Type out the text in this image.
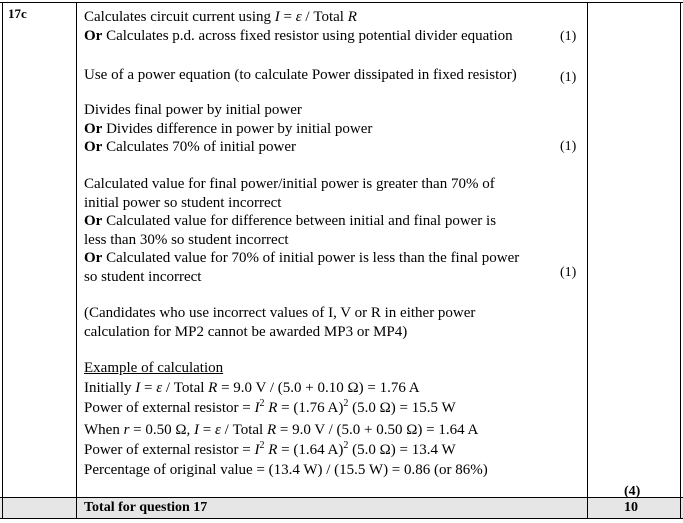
17c	Calculates circuit current using I = ε / Total R
Or Calculates p.d. across fixed resistor using potential divider equation	(1)
Use of a power equation (to calculate Power dissipated in fixed resistor)	(1)
Divides final power by initial power
Or Divides difference in power by initial power
Or Calculates 70% of initial power	(1)
Calculated value for final power/initial power is greater than 70% of
initial power so student incorrect
Or Calculated value for difference between initial and final power is
less than 30% so student incorrect
Or Calculated value for 70% of initial power is less than the final power
so student incorrect	(1)
(Candidates who use incorrect values of I, V or R in either power
calculation for MP2 cannot be awarded MP3 or MP4)
Example of calculation
Initially I = ε / Total R = 9.0 V / (5.0 + 0.10 Ω) = 1.76 A
Power of external resistor = $I^2$ R = (1.76 A)$^2$ (5.0 Ω) = 15.5 W
When r = 0.50 Ω, I = ε / Total R = 9.0 V / (5.0 + 0.50 Ω) = 1.64 A
Power of external resistor = $I^2$ R = (1.64 A)$^2$ (5.0 Ω) = 13.4 W
Percentage of original value = (13.4 W) / (15.5 W) = 0.86 (or 86%)
(4)
Total for question 17	10
